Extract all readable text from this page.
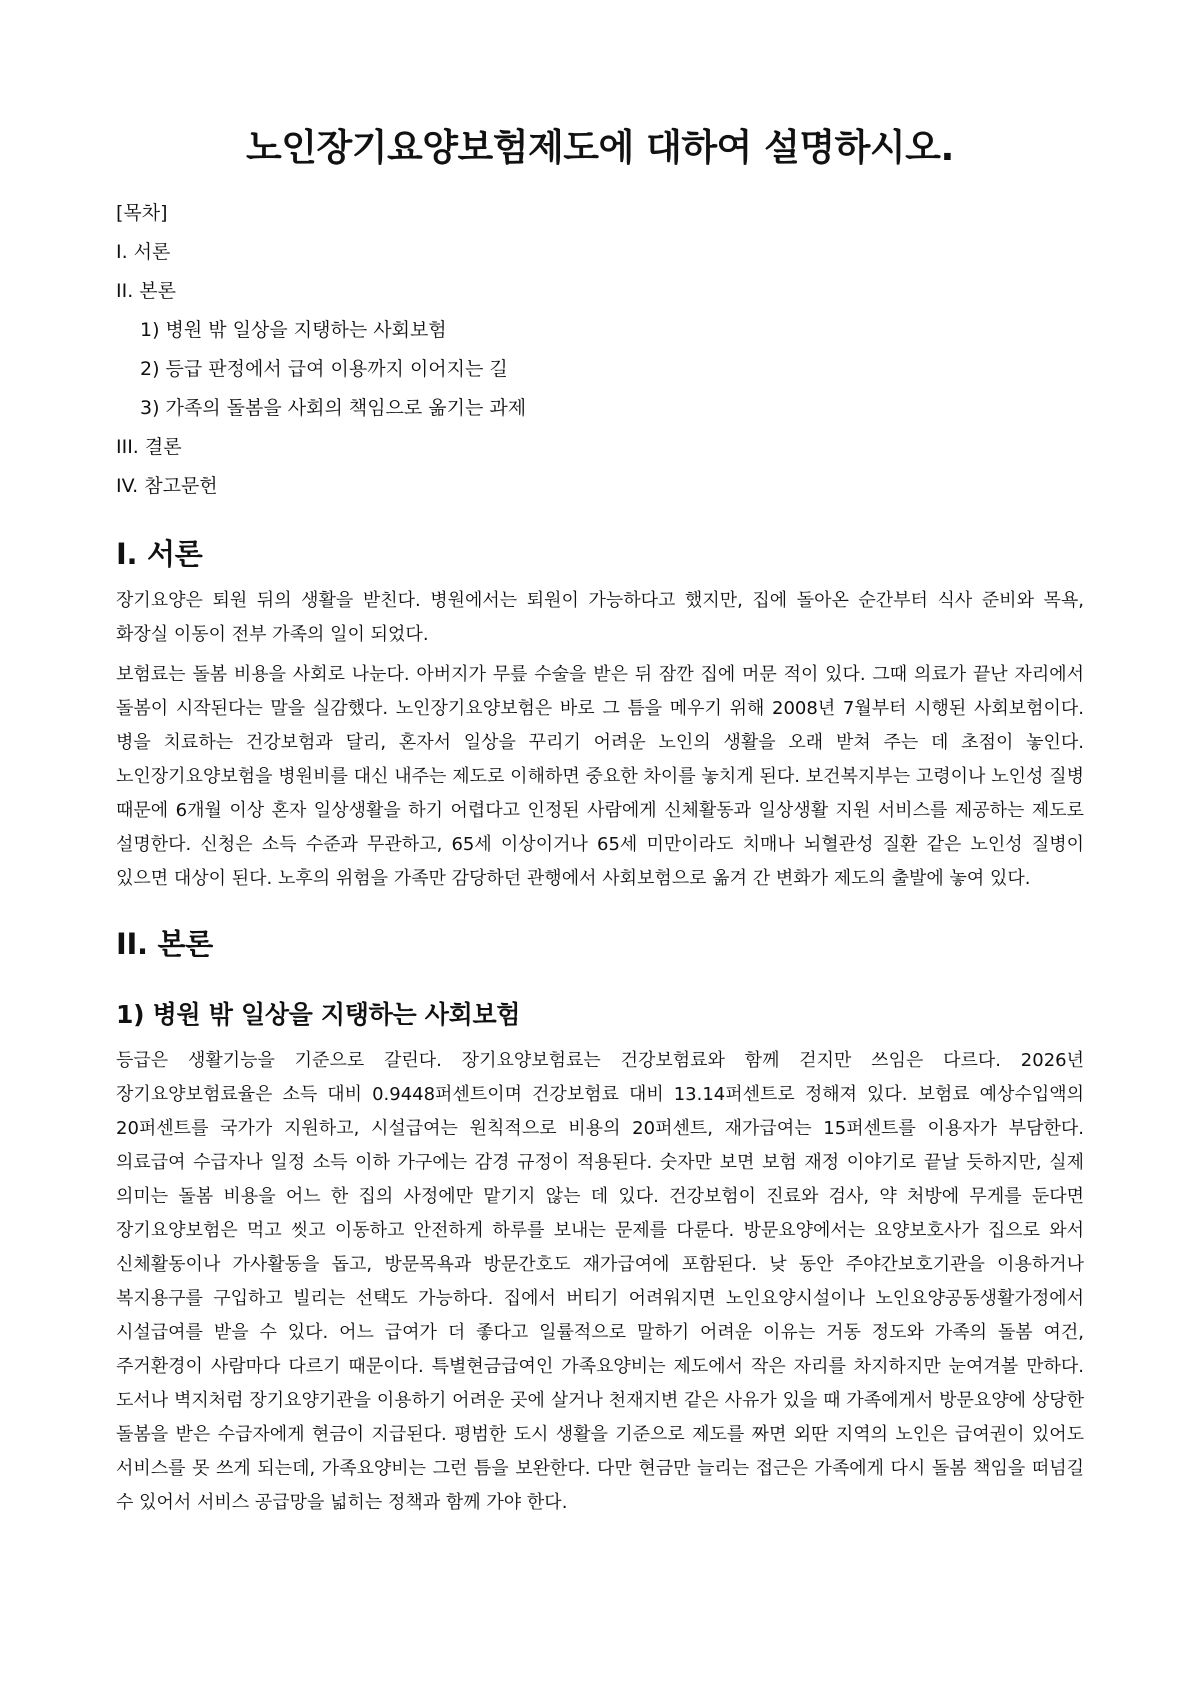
노인장기요양보험제도에 대하여 설명하시오.
[목차]
I. 서론
II. 본론
1) 병원 밖 일상을 지탱하는 사회보험
2) 등급 판정에서 급여 이용까지 이어지는 길
3) 가족의 돌봄을 사회의 책임으로 옮기는 과제
III. 결론
IV. 참고문헌
I. 서론

장기요양은 퇴원 뒤의 생활을 받친다. 병원에서는 퇴원이 가능하다고 했지만, 집에 돌아온 순간부터 식사 준비와 목욕, 화장실 이동이 전부 가족의 일이 되었다.

보험료는 돌봄 비용을 사회로 나눈다. 아버지가 무릎 수술을 받은 뒤 잠깐 집에 머문 적이 있다. 그때 의료가 끝난 자리에서 돌봄이 시작된다는 말을 실감했다. 노인장기요양보험은 바로 그 틈을 메우기 위해 2008년 7월부터 시행된 사회보험이다. 병을 치료하는 건강보험과 달리, 혼자서 일상을 꾸리기 어려운 노인의 생활을 오래 받쳐 주는 데 초점이 놓인다. 노인장기요양보험을 병원비를 대신 내주는 제도로 이해하면 중요한 차이를 놓치게 된다. 보건복지부는 고령이나 노인성 질병 때문에 6개월 이상 혼자 일상생활을 하기 어렵다고 인정된 사람에게 신체활동과 일상생활 지원 서비스를 제공하는 제도로 설명한다. 신청은 소득 수준과 무관하고, 65세 이상이거나 65세 미만이라도 치매나 뇌혈관성 질환 같은 노인성 질병이 있으면 대상이 된다. 노후의 위험을 가족만 감당하던 관행에서 사회보험으로 옮겨 간 변화가 제도의 출발에 놓여 있다.

II. 본론
1) 병원 밖 일상을 지탱하는 사회보험

등급은 생활기능을 기준으로 갈린다. 장기요양보험료는 건강보험료와 함께 걷지만 쓰임은 다르다. 2026년 장기요양보험료율은 소득 대비 0.9448퍼센트이며 건강보험료 대비 13.14퍼센트로 정해져 있다. 보험료 예상수입액의 20퍼센트를 국가가 지원하고, 시설급여는 원칙적으로 비용의 20퍼센트, 재가급여는 15퍼센트를 이용자가 부담한다. 의료급여 수급자나 일정 소득 이하 가구에는 감경 규정이 적용된다. 숫자만 보면 보험 재정 이야기로 끝날 듯하지만, 실제 의미는 돌봄 비용을 어느 한 집의 사정에만 맡기지 않는 데 있다. 건강보험이 진료와 검사, 약 처방에 무게를 둔다면 장기요양보험은 먹고 씻고 이동하고 안전하게 하루를 보내는 문제를 다룬다. 방문요양에서는 요양보호사가 집으로 와서 신체활동이나 가사활동을 돕고, 방문목욕과 방문간호도 재가급여에 포함된다. 낮 동안 주야간보호기관을 이용하거나 복지용구를 구입하고 빌리는 선택도 가능하다. 집에서 버티기 어려워지면 노인요양시설이나 노인요양공동생활가정에서 시설급여를 받을 수 있다. 어느 급여가 더 좋다고 일률적으로 말하기 어려운 이유는 거동 정도와 가족의 돌봄 여건, 주거환경이 사람마다 다르기 때문이다. 특별현금급여인 가족요양비는 제도에서 작은 자리를 차지하지만 눈여겨볼 만하다. 도서나 벽지처럼 장기요양기관을 이용하기 어려운 곳에 살거나 천재지변 같은 사유가 있을 때 가족에게서 방문요양에 상당한 돌봄을 받은 수급자에게 현금이 지급된다. 평범한 도시 생활을 기준으로 제도를 짜면 외딴 지역의 노인은 급여권이 있어도 서비스를 못 쓰게 되는데, 가족요양비는 그런 틈을 보완한다. 다만 현금만 늘리는 접근은 가족에게 다시 돌봄 책임을 떠넘길 수 있어서 서비스 공급망을 넓히는 정책과 함께 가야 한다.
